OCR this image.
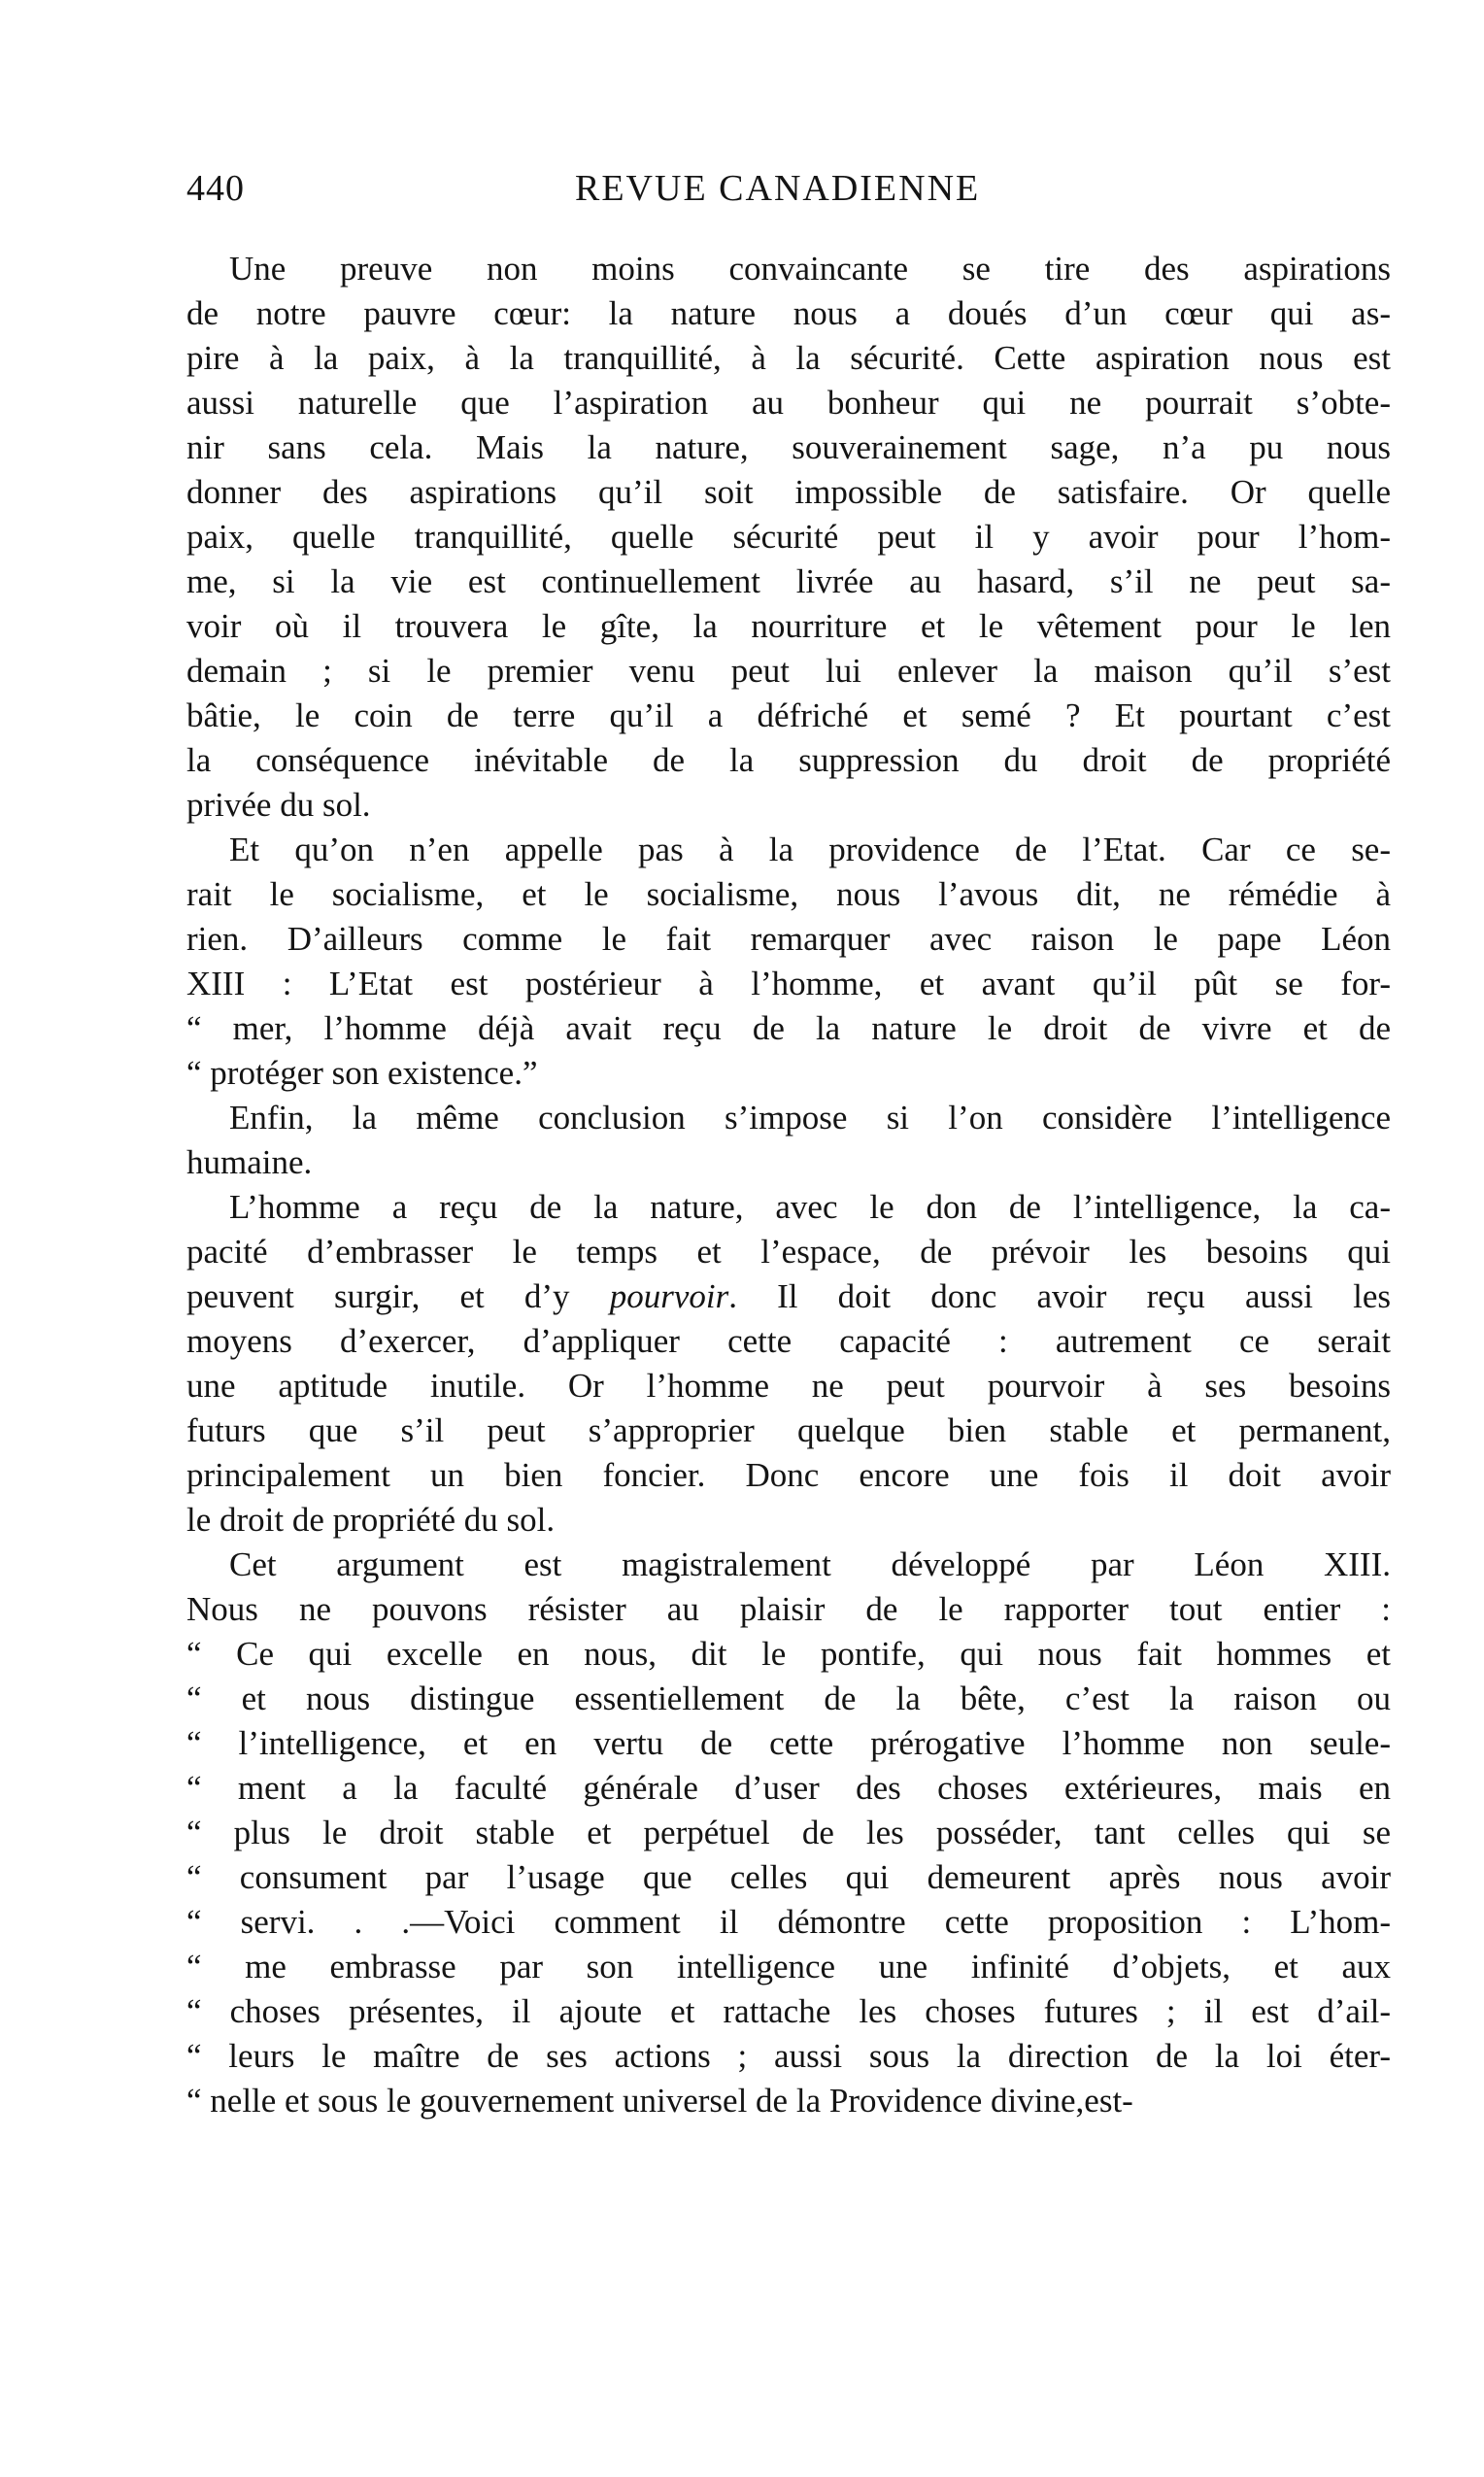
440	REVUE CANADIENNE
Une preuve non moins convaincante se tire des aspirations
de notre pauvre cœur: la nature nous a doués d’un cœur qui as-
pire à la paix, à la tranquillité, à la sécurité. Cette aspiration nous est
aussi naturelle que l’aspiration au bonheur qui ne pourrait s’obte-
nir sans cela. Mais la nature, souverainement sage, n’a pu nous
donner des aspirations qu’il soit impossible de satisfaire. Or quelle
paix, quelle tranquillité, quelle sécurité peut il y avoir pour l’hom-
me, si la vie est continuellement livrée au hasard, s’il ne peut sa-
voir où il trouvera le gîte, la nourriture et le vêtement pour le len
demain ; si le premier venu peut lui enlever la maison qu’il s’est
bâtie, le coin de terre qu’il a défriché et semé ? Et pourtant c’est
la conséquence inévitable de la suppression du droit de propriété
privée du sol.
Et qu’on n’en appelle pas à la providence de l’Etat. Car ce se-
rait le socialisme, et le socialisme, nous l’avous dit, ne rémédie à
rien. D’ailleurs comme le fait remarquer avec raison le pape Léon
XIII : L’Etat est postérieur à l’homme, et avant qu’il pût se for-
“ mer, l’homme déjà avait reçu de la nature le droit de vivre et de
“ protéger son existence.”
Enfin, la même conclusion s’impose si l’on considère l’intelligence
humaine.
L’homme a reçu de la nature, avec le don de l’intelligence, la ca-
pacité d’embrasser le temps et l’espace, de prévoir les besoins qui
peuvent surgir, et d’y pourvoir. Il doit donc avoir reçu aussi les
moyens d’exercer, d’appliquer cette capacité : autrement ce serait
une aptitude inutile. Or l’homme ne peut pourvoir à ses besoins
futurs que s’il peut s’approprier quelque bien stable et permanent,
principalement un bien foncier. Donc encore une fois il doit avoir
le droit de propriété du sol.
Cet argument est magistralement développé par Léon XIII.
Nous ne pouvons résister au plaisir de le rapporter tout entier :
“ Ce qui excelle en nous, dit le pontife, qui nous fait hommes et
“ et nous distingue essentiellement de la bête, c’est la raison ou
“ l’intelligence, et en vertu de cette prérogative l’homme non seule-
“ ment a la faculté générale d’user des choses extérieures, mais en
“ plus le droit stable et perpétuel de les posséder, tant celles qui se
“ consument par l’usage que celles qui demeurent après nous avoir
“ servi. . .—Voici comment il démontre cette proposition : L’hom-
“ me embrasse par son intelligence une infinité d’objets, et aux
“ choses présentes, il ajoute et rattache les choses futures ; il est d’ail-
“ leurs le maître de ses actions ; aussi sous la direction de la loi éter-
“ nelle et sous le gouvernement universel de la Providence divine,est-
